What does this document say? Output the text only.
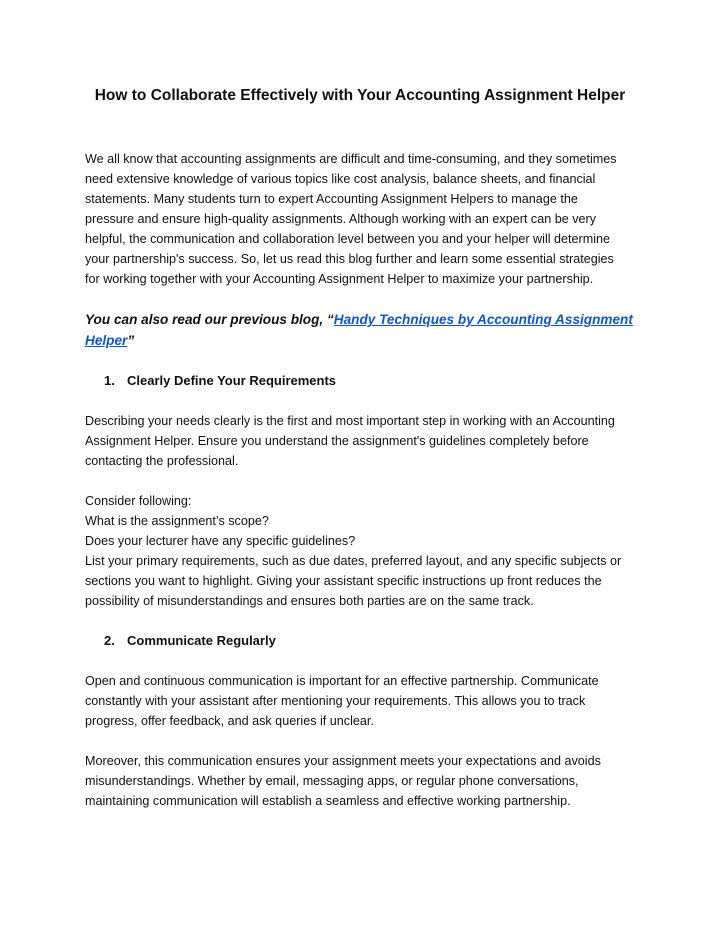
How to Collaborate Effectively with Your Accounting Assignment Helper

We all know that accounting assignments are difficult and time-consuming, and they sometimes

need extensive knowledge of various topics like cost analysis, balance sheets, and financial

statements. Many students turn to expert Accounting Assignment Helpers to manage the

pressure and ensure high-quality assignments. Although working with an expert can be very

helpful, the communication and collaboration level between you and your helper will determine

your partnership's success. So, let us read this blog further and learn some essential strategies

for working together with your Accounting Assignment Helper to maximize your partnership.

You can also read our previous blog, “Handy Techniques by Accounting Assignment
Helper”
1. Clearly Define Your Requirements

Describing your needs clearly is the first and most important step in working with an Accounting

Assignment Helper. Ensure you understand the assignment's guidelines completely before

contacting the professional.

Consider following:

What is the assignment’s scope?

Does your lecturer have any specific guidelines?

List your primary requirements, such as due dates, preferred layout, and any specific subjects or

sections you want to highlight. Giving your assistant specific instructions up front reduces the

possibility of misunderstandings and ensures both parties are on the same track.

2. Communicate Regularly

Open and continuous communication is important for an effective partnership. Communicate

constantly with your assistant after mentioning your requirements. This allows you to track

progress, offer feedback, and ask queries if unclear.

Moreover, this communication ensures your assignment meets your expectations and avoids

misunderstandings. Whether by email, messaging apps, or regular phone conversations,

maintaining communication will establish a seamless and effective working partnership.
